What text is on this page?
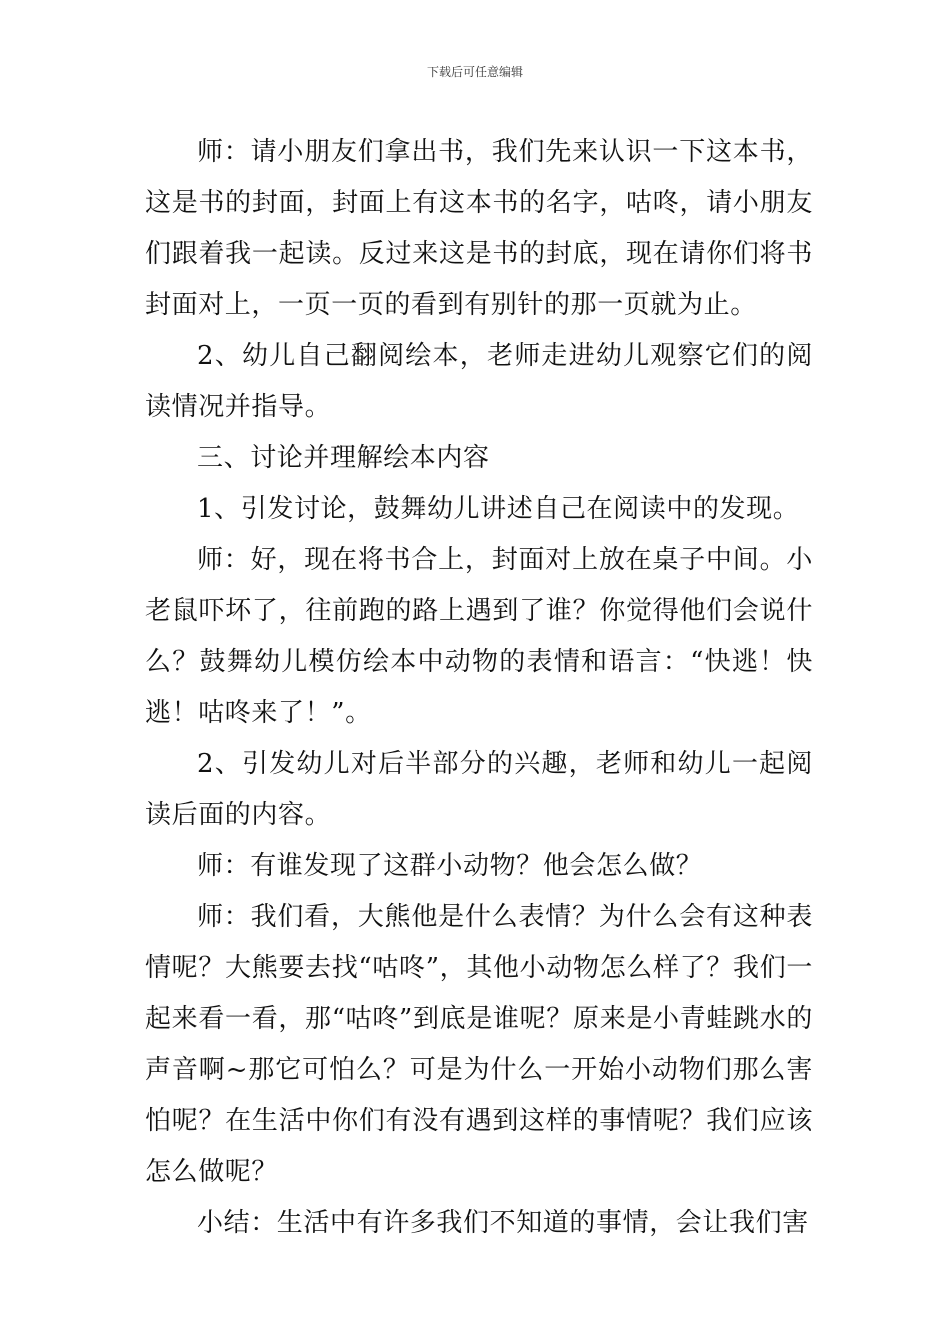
下载后可任意编辑

师：请小朋友们拿出书，我们先来认识一下这本书，这是书的封面，封面上有这本书的名字，咕咚，请小朋友们跟着我一起读。反过来这是书的封底，现在请你们将书封面对上，一页一页的看到有别针的那一页就为止。

2、幼儿自己翻阅绘本，老师走进幼儿观察它们的阅读情况并指导。

三、讨论并理解绘本内容

1、引发讨论，鼓舞幼儿讲述自己在阅读中的发现。

师：好，现在将书合上，封面对上放在桌子中间。小老鼠吓坏了，往前跑的路上遇到了谁？你觉得他们会说什么？鼓舞幼儿模仿绘本中动物的表情和语言：“快逃！快逃！咕咚来了！”。

2、引发幼儿对后半部分的兴趣，老师和幼儿一起阅读后面的内容。

师：有谁发现了这群小动物？他会怎么做？

师：我们看，大熊他是什么表情？为什么会有这种表情呢？大熊要去找“咕咚”，其他小动物怎么样了？我们一起来看一看，那“咕咚”到底是谁呢？原来是小青蛙跳水的声音啊~那它可怕么？可是为什么一开始小动物们那么害怕呢？在生活中你们有没有遇到这样的事情呢？我们应该怎么做呢？

小结：生活中有许多我们不知道的事情，会让我们害
